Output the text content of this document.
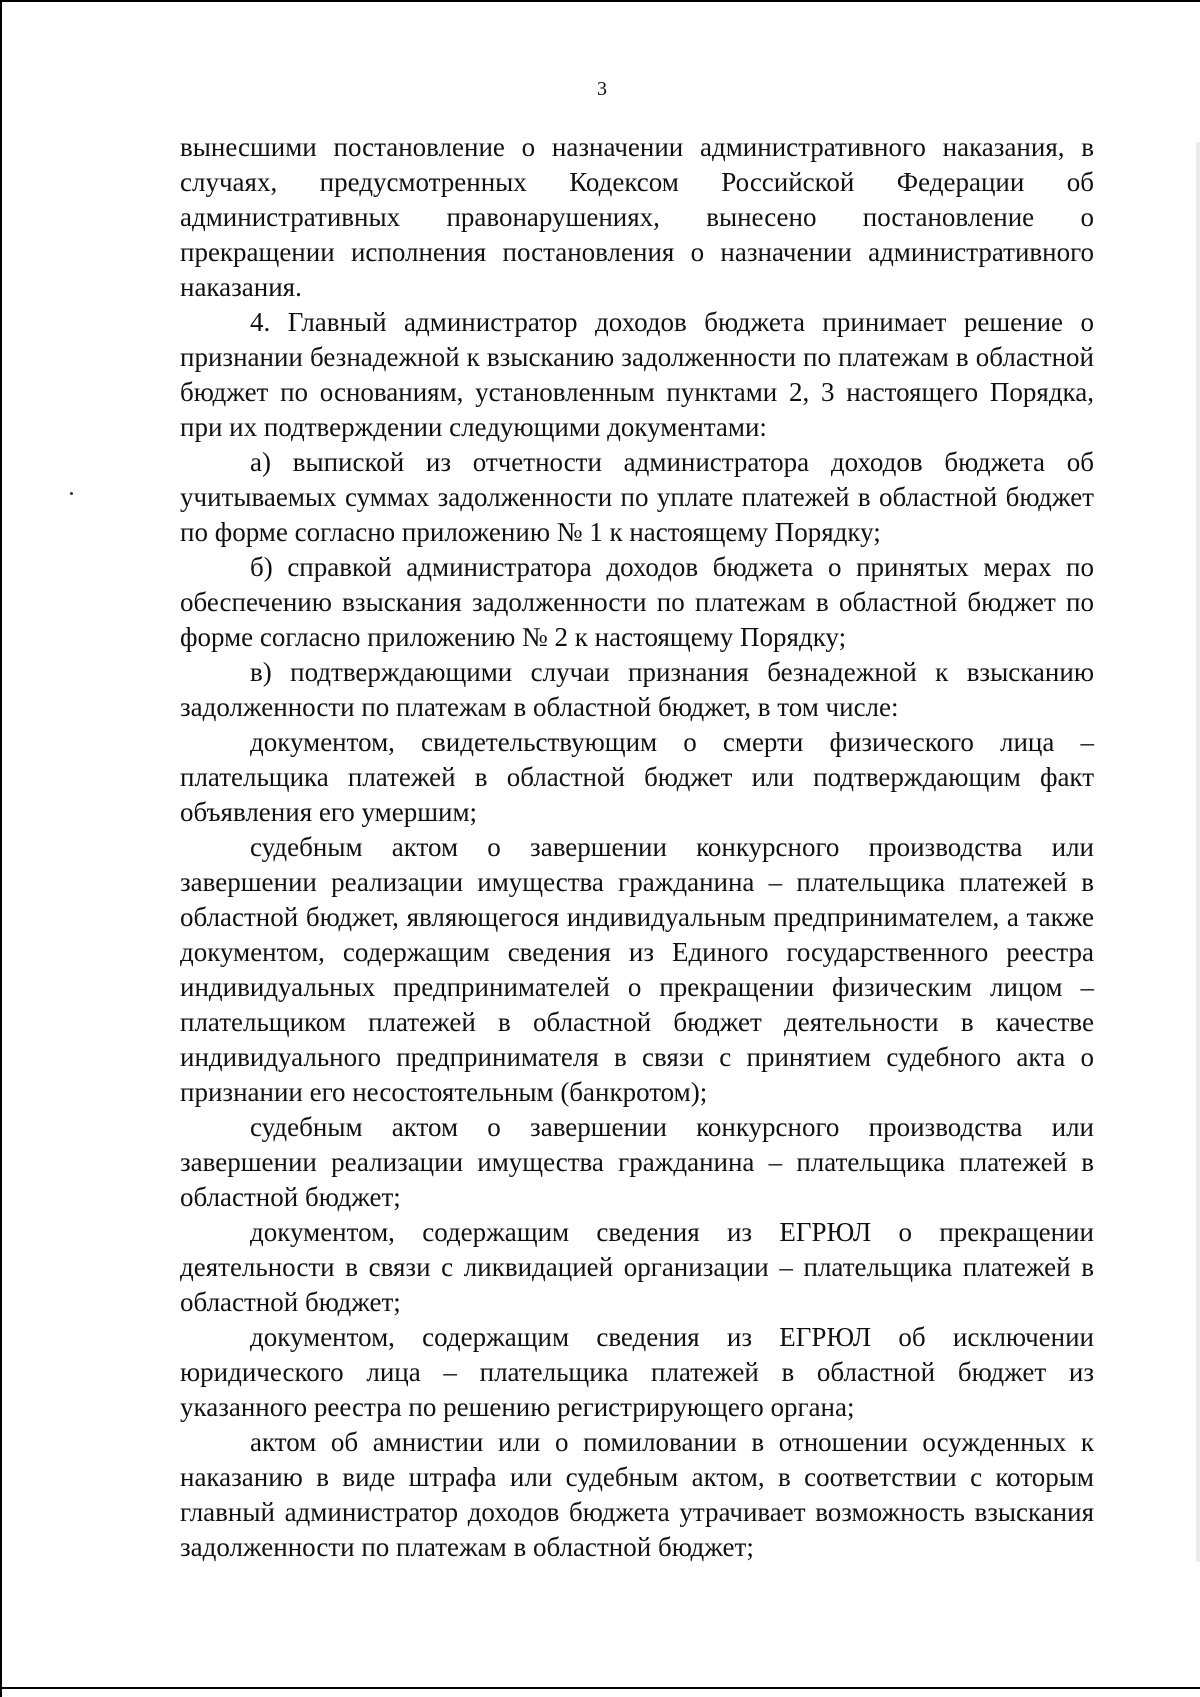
3

вынесшими постановление о назначении административного наказания, в случаях, предусмотренных Кодексом Российской Федерации об административных правонарушениях, вынесено постановление о прекращении исполнения постановления о назначении административного наказания.

4. Главный администратор доходов бюджета принимает решение о признании безнадежной к взысканию задолженности по платежам в областной бюджет по основаниям, установленным пунктами 2, 3 настоящего Порядка, при их подтверждении следующими документами:

а) выпиской из отчетности администратора доходов бюджета об учитываемых суммах задолженности по уплате платежей в областной бюджет по форме согласно приложению № 1 к настоящему Порядку;

б) справкой администратора доходов бюджета о принятых мерах по обеспечению взыскания задолженности по платежам в областной бюджет по форме согласно приложению № 2 к настоящему Порядку;

в) подтверждающими случаи признания безнадежной к взысканию задолженности по платежам в областной бюджет, в том числе:

документом, свидетельствующим о смерти физического лица – плательщика платежей в областной бюджет или подтверждающим факт объявления его умершим;

судебным актом о завершении конкурсного производства или завершении реализации имущества гражданина – плательщика платежей в областной бюджет, являющегося индивидуальным предпринимателем, а также документом, содержащим сведения из Единого государственного реестра индивидуальных предпринимателей о прекращении физическим лицом – плательщиком платежей в областной бюджет деятельности в качестве индивидуального предпринимателя в связи с принятием судебного акта о признании его несостоятельным (банкротом);

судебным актом о завершении конкурсного производства или завершении реализации имущества гражданина – плательщика платежей в областной бюджет;

документом, содержащим сведения из ЕГРЮЛ о прекращении деятельности в связи с ликвидацией организации – плательщика платежей в областной бюджет;

документом, содержащим сведения из ЕГРЮЛ об исключении юридического лица – плательщика платежей в областной бюджет из указанного реестра по решению регистрирующего органа;

актом об амнистии или о помиловании в отношении осужденных к наказанию в виде штрафа или судебным актом, в соответствии с которым главный администратор доходов бюджета утрачивает возможность взыскания задолженности по платежам в областной бюджет;
